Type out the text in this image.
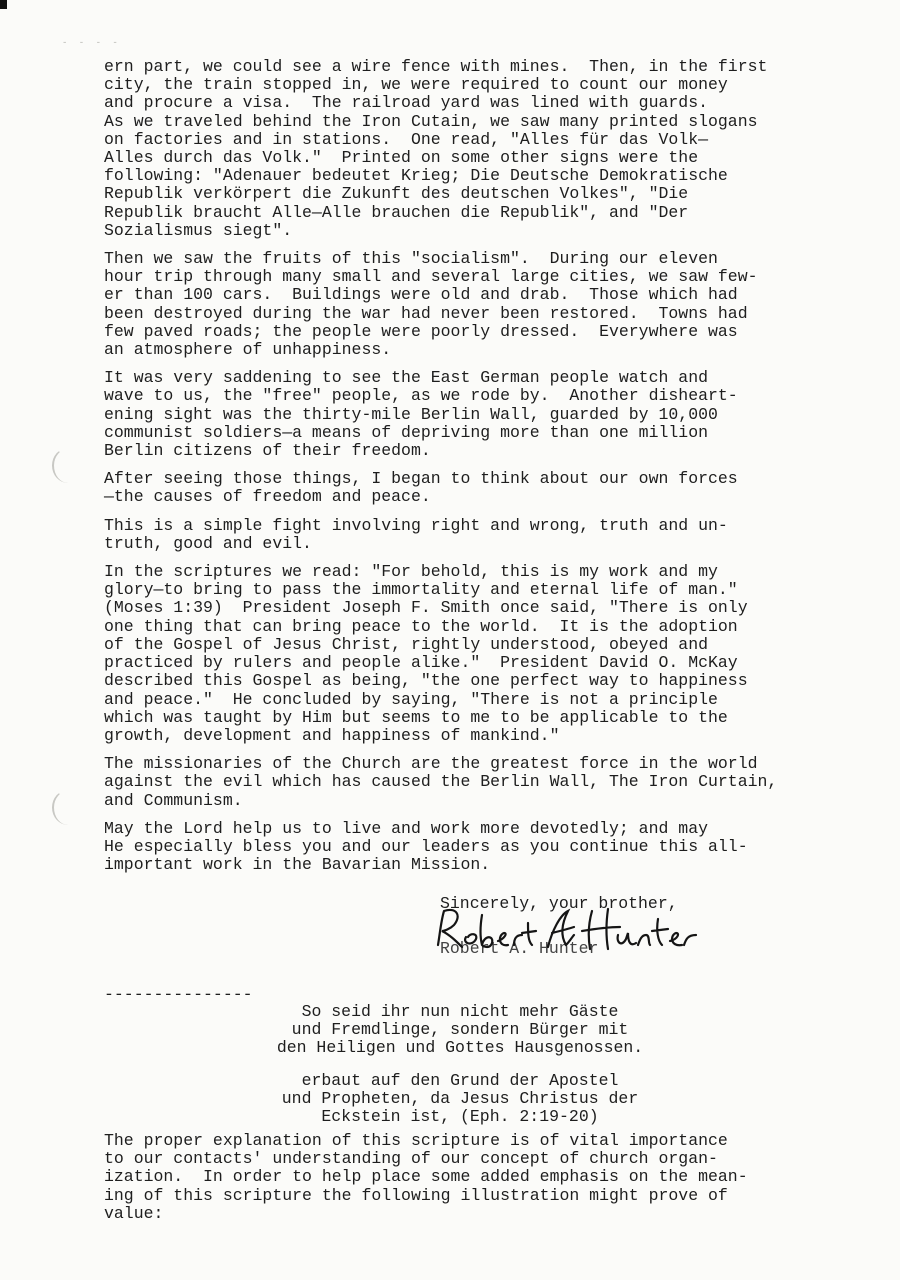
- - - -

ern part, we could see a wire fence with mines.  Then, in the first
city, the train stopped in, we were required to count our money
and procure a visa.  The railroad yard was lined with guards.
As we traveled behind the Iron Cutain, we saw many printed slogans
on factories and in stations.  One read, "Alles für das Volk—
Alles durch das Volk."  Printed on some other signs were the
following: "Adenauer bedeutet Krieg; Die Deutsche Demokratische
Republik verkörpert die Zukunft des deutschen Volkes", "Die
Republik braucht Alle—Alle brauchen die Republik", and "Der
Sozialismus siegt".

Then we saw the fruits of this "socialism".  During our eleven
hour trip through many small and several large cities, we saw few-
er than 100 cars.  Buildings were old and drab.  Those which had
been destroyed during the war had never been restored.  Towns had
few paved roads; the people were poorly dressed.  Everywhere was
an atmosphere of unhappiness.

It was very saddening to see the East German people watch and
wave to us, the "free" people, as we rode by.  Another disheart-
ening sight was the thirty-mile Berlin Wall, guarded by 10,000
communist soldiers—a means of depriving more than one million
Berlin citizens of their freedom.

After seeing those things, I began to think about our own forces
—the causes of freedom and peace.

This is a simple fight involving right and wrong, truth and un-
truth, good and evil.

In the scriptures we read: "For behold, this is my work and my
glory—to bring to pass the immortality and eternal life of man."
(Moses 1:39)  President Joseph F. Smith once said, "There is only
one thing that can bring peace to the world.  It is the adoption
of the Gospel of Jesus Christ, rightly understood, obeyed and
practiced by rulers and people alike."  President David O. McKay
described this Gospel as being, "the one perfect way to happiness
and peace."  He concluded by saying, "There is not a principle
which was taught by Him but seems to me to be applicable to the
growth, development and happiness of mankind."

The missionaries of the Church are the greatest force in the world
against the evil which has caused the Berlin Wall, The Iron Curtain,
and Communism.

May the Lord help us to live and work more devotedly; and may
He especially bless you and our leaders as you continue this all-
important work in the Bavarian Mission.

Sincerely, your brother,
Robert A. Hunter
---------------
So seid ihr nun nicht mehr Gäste
und Fremdlinge, sondern Bürger mit
den Heiligen und Gottes Hausgenossen.
erbaut auf den Grund der Apostel
und Propheten, da Jesus Christus der
Eckstein ist, (Eph. 2:19-20)
The proper explanation of this scripture is of vital importance
to our contacts' understanding of our concept of church organ-
ization.  In order to help place some added emphasis on the mean-
ing of this scripture the following illustration might prove of
value:
